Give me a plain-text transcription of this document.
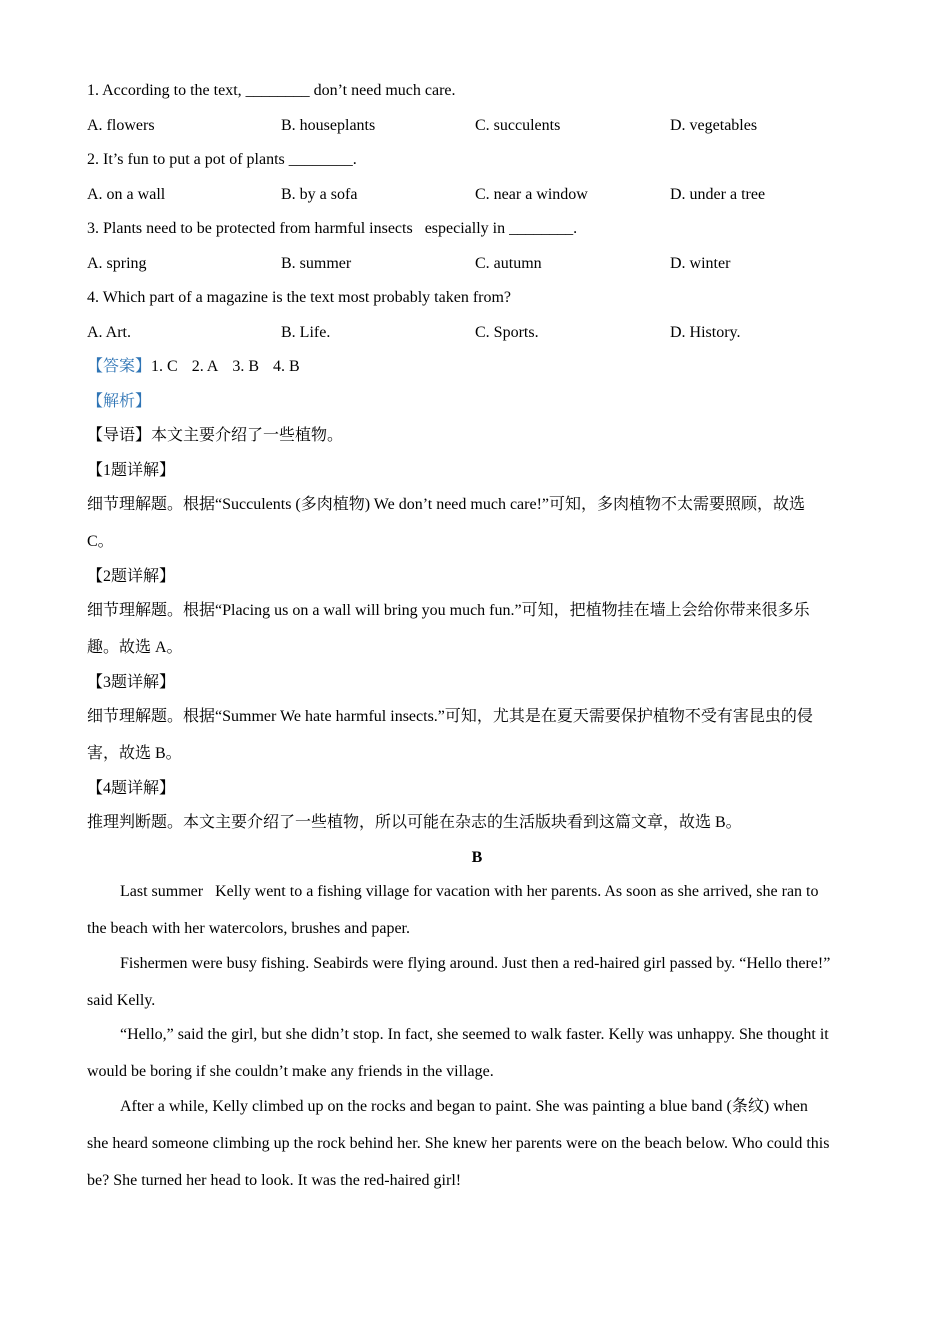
1. According to the text, ________ don’t need much care.
A. flowers	B. houseplants	C. succulents	D. vegetables
2. It’s fun to put a pot of plants ________.
A. on a wall	B. by a sofa	C. near a window	D. under a tree
3. Plants need to be protected from harmful insects   especially in ________.
A. spring	B. summer	C. autumn	D. winter
4. Which part of a magazine is the text most probably taken from?
A. Art.	B. Life.	C. Sports.	D. History.
【答案】1. C 2. A 3. B 4. B
【解析】
【导语】本文主要介绍了一些植物。
【1题详解】
细节理解题。根据“Succulents (多肉植物) We don’t need much care!”可知，多肉植物不太需要照顾，故选
C。
【2题详解】
细节理解题。根据“Placing us on a wall will bring you much fun.”可知，把植物挂在墙上会给你带来很多乐
趣。故选 A。
【3题详解】
细节理解题。根据“Summer We hate harmful insects.”可知，尤其是在夏天需要保护植物不受有害昆虫的侵
害，故选 B。
【4题详解】
推理判断题。本文主要介绍了一些植物，所以可能在杂志的生活版块看到这篇文章，故选 B。
B
Last summer   Kelly went to a fishing village for vacation with her parents. As soon as she arrived, she ran to
the beach with her watercolors, brushes and paper.
Fishermen were busy fishing. Seabirds were flying around. Just then a red-haired girl passed by. “Hello there!”
said Kelly.
“Hello,” said the girl, but she didn’t stop. In fact, she seemed to walk faster. Kelly was unhappy. She thought it
would be boring if she couldn’t make any friends in the village.
After a while, Kelly climbed up on the rocks and began to paint. She was painting a blue band (条纹) when
she heard someone climbing up the rock behind her. She knew her parents were on the beach below. Who could this
be? She turned her head to look. It was the red-haired girl!
